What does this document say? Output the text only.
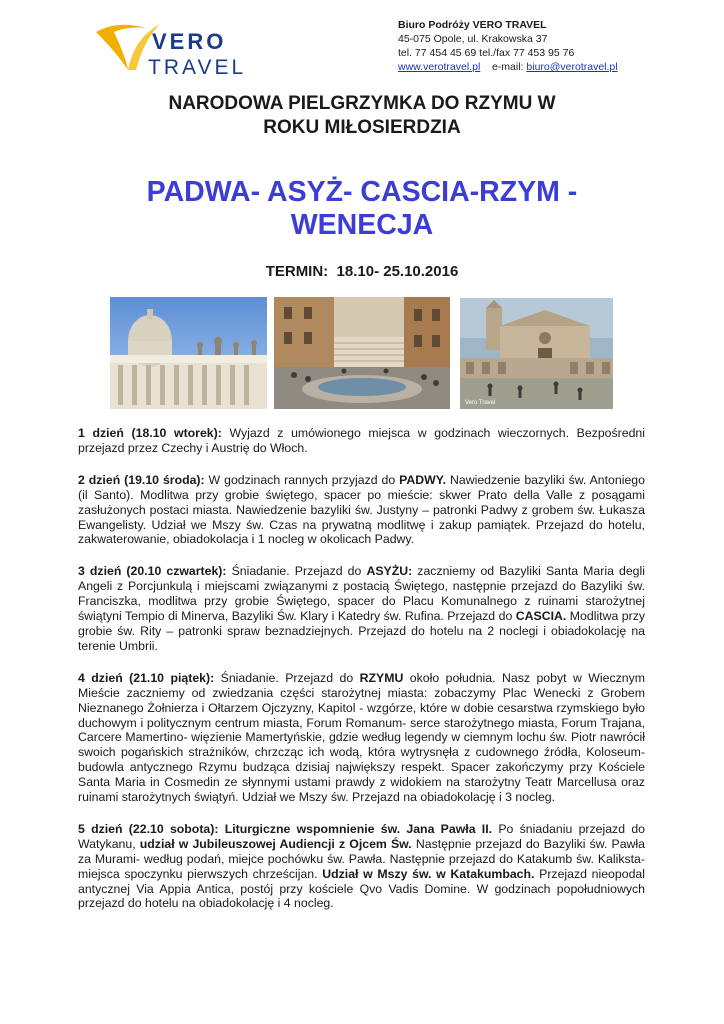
VERO
TRAVEL
Biuro Podróży VERO TRAVEL
45-075 Opole, ul. Krakowska 37
tel. 77 454 45 69 tel./fax 77 453 95 76
www.verotravel.pl e-mail: biuro@verotravel.pl
NARODOWA PIELGRZYMKA DO RZYMU W
ROKU MIŁOSIERDZIA
PADWA- ASYŻ- CASCIA-RZYM -
WENECJA
TERMIN: 18.10- 25.10.2016
Vero Travel

1 dzień (18.10 wtorek): Wyjazd z umówionego miejsca w godzinach wieczornych. Bezpośredni przejazd przez Czechy i Austrię do Włoch.

2 dzień (19.10 środa): W godzinach rannych przyjazd do PADWY. Nawiedzenie bazyliki św. Antoniego (il Santo). Modlitwa przy grobie świętego, spacer po mieście: skwer Prato della Valle z posągami zasłużonych postaci miasta. Nawiedzenie bazyliki św. Justyny – patronki Padwy z grobem św. Łukasza Ewangelisty. Udział we Mszy św. Czas na prywatną modlitwę i zakup pamiątek. Przejazd do hotelu, zakwaterowanie, obiadokolacja i 1 nocleg w okolicach Padwy.

3 dzień (20.10 czwartek): Śniadanie. Przejazd do ASYŻU: zaczniemy od Bazyliki Santa Maria degli Angeli z Porcjunkulą i miejscami związanymi z postacią Świętego, następnie przejazd do Bazyliki św. Franciszka, modlitwa przy grobie Świętego, spacer do Placu Komunalnego z ruinami starożytnej świątyni Tempio di Minerva, Bazyliki Św. Klary i Katedry św. Rufina. Przejazd do CASCIA. Modlitwa przy grobie św. Rity – patronki spraw beznadziejnych. Przejazd do hotelu na 2 noclegi i obiadokolację na terenie Umbrii.

4 dzień (21.10 piątek): Śniadanie. Przejazd do RZYMU około południa. Nasz pobyt w Wiecznym Mieście zaczniemy od zwiedzania części starożytnej miasta: zobaczymy Plac Wenecki z Grobem Nieznanego Żołnierza i Ołtarzem Ojczyzny, Kapitol - wzgórze, które w dobie cesarstwa rzymskiego było duchowym i politycznym centrum miasta, Forum Romanum- serce starożytnego miasta, Forum Trajana, Carcere Mamertino- więzienie Mamertyńskie, gdzie według legendy w ciemnym lochu św. Piotr nawrócił swoich pogańskich strażników, chrzcząc ich wodą, która wytrysnęła z cudownego źródła, Koloseum- budowla antycznego Rzymu budząca dzisiaj największy respekt. Spacer zakończymy przy Kościele Santa Maria in Cosmedin ze słynnymi ustami prawdy z widokiem na starożytny Teatr Marcellusa oraz ruinami starożytnych świątyń. Udział we Mszy św. Przejazd na obiadokolację i 3 nocleg.

5 dzień (22.10 sobota): Liturgiczne wspomnienie św. Jana Pawła II. Po śniadaniu przejazd do Watykanu, udział w Jubileuszowej Audiencji z Ojcem Św. Następnie przejazd do Bazyliki św. Pawła za Murami- według podań, miejce pochówku św. Pawła. Następnie przejazd do Katakumb św. Kaliksta- miejsca spoczynku pierwszych chrześcijan. Udział w Mszy św. w Katakumbach. Przejazd nieopodal antycznej Via Appia Antica, postój przy kościele Qvo Vadis Domine. W godzinach popołudniowych przejazd do hotelu na obiadokolację i 4 nocleg.
